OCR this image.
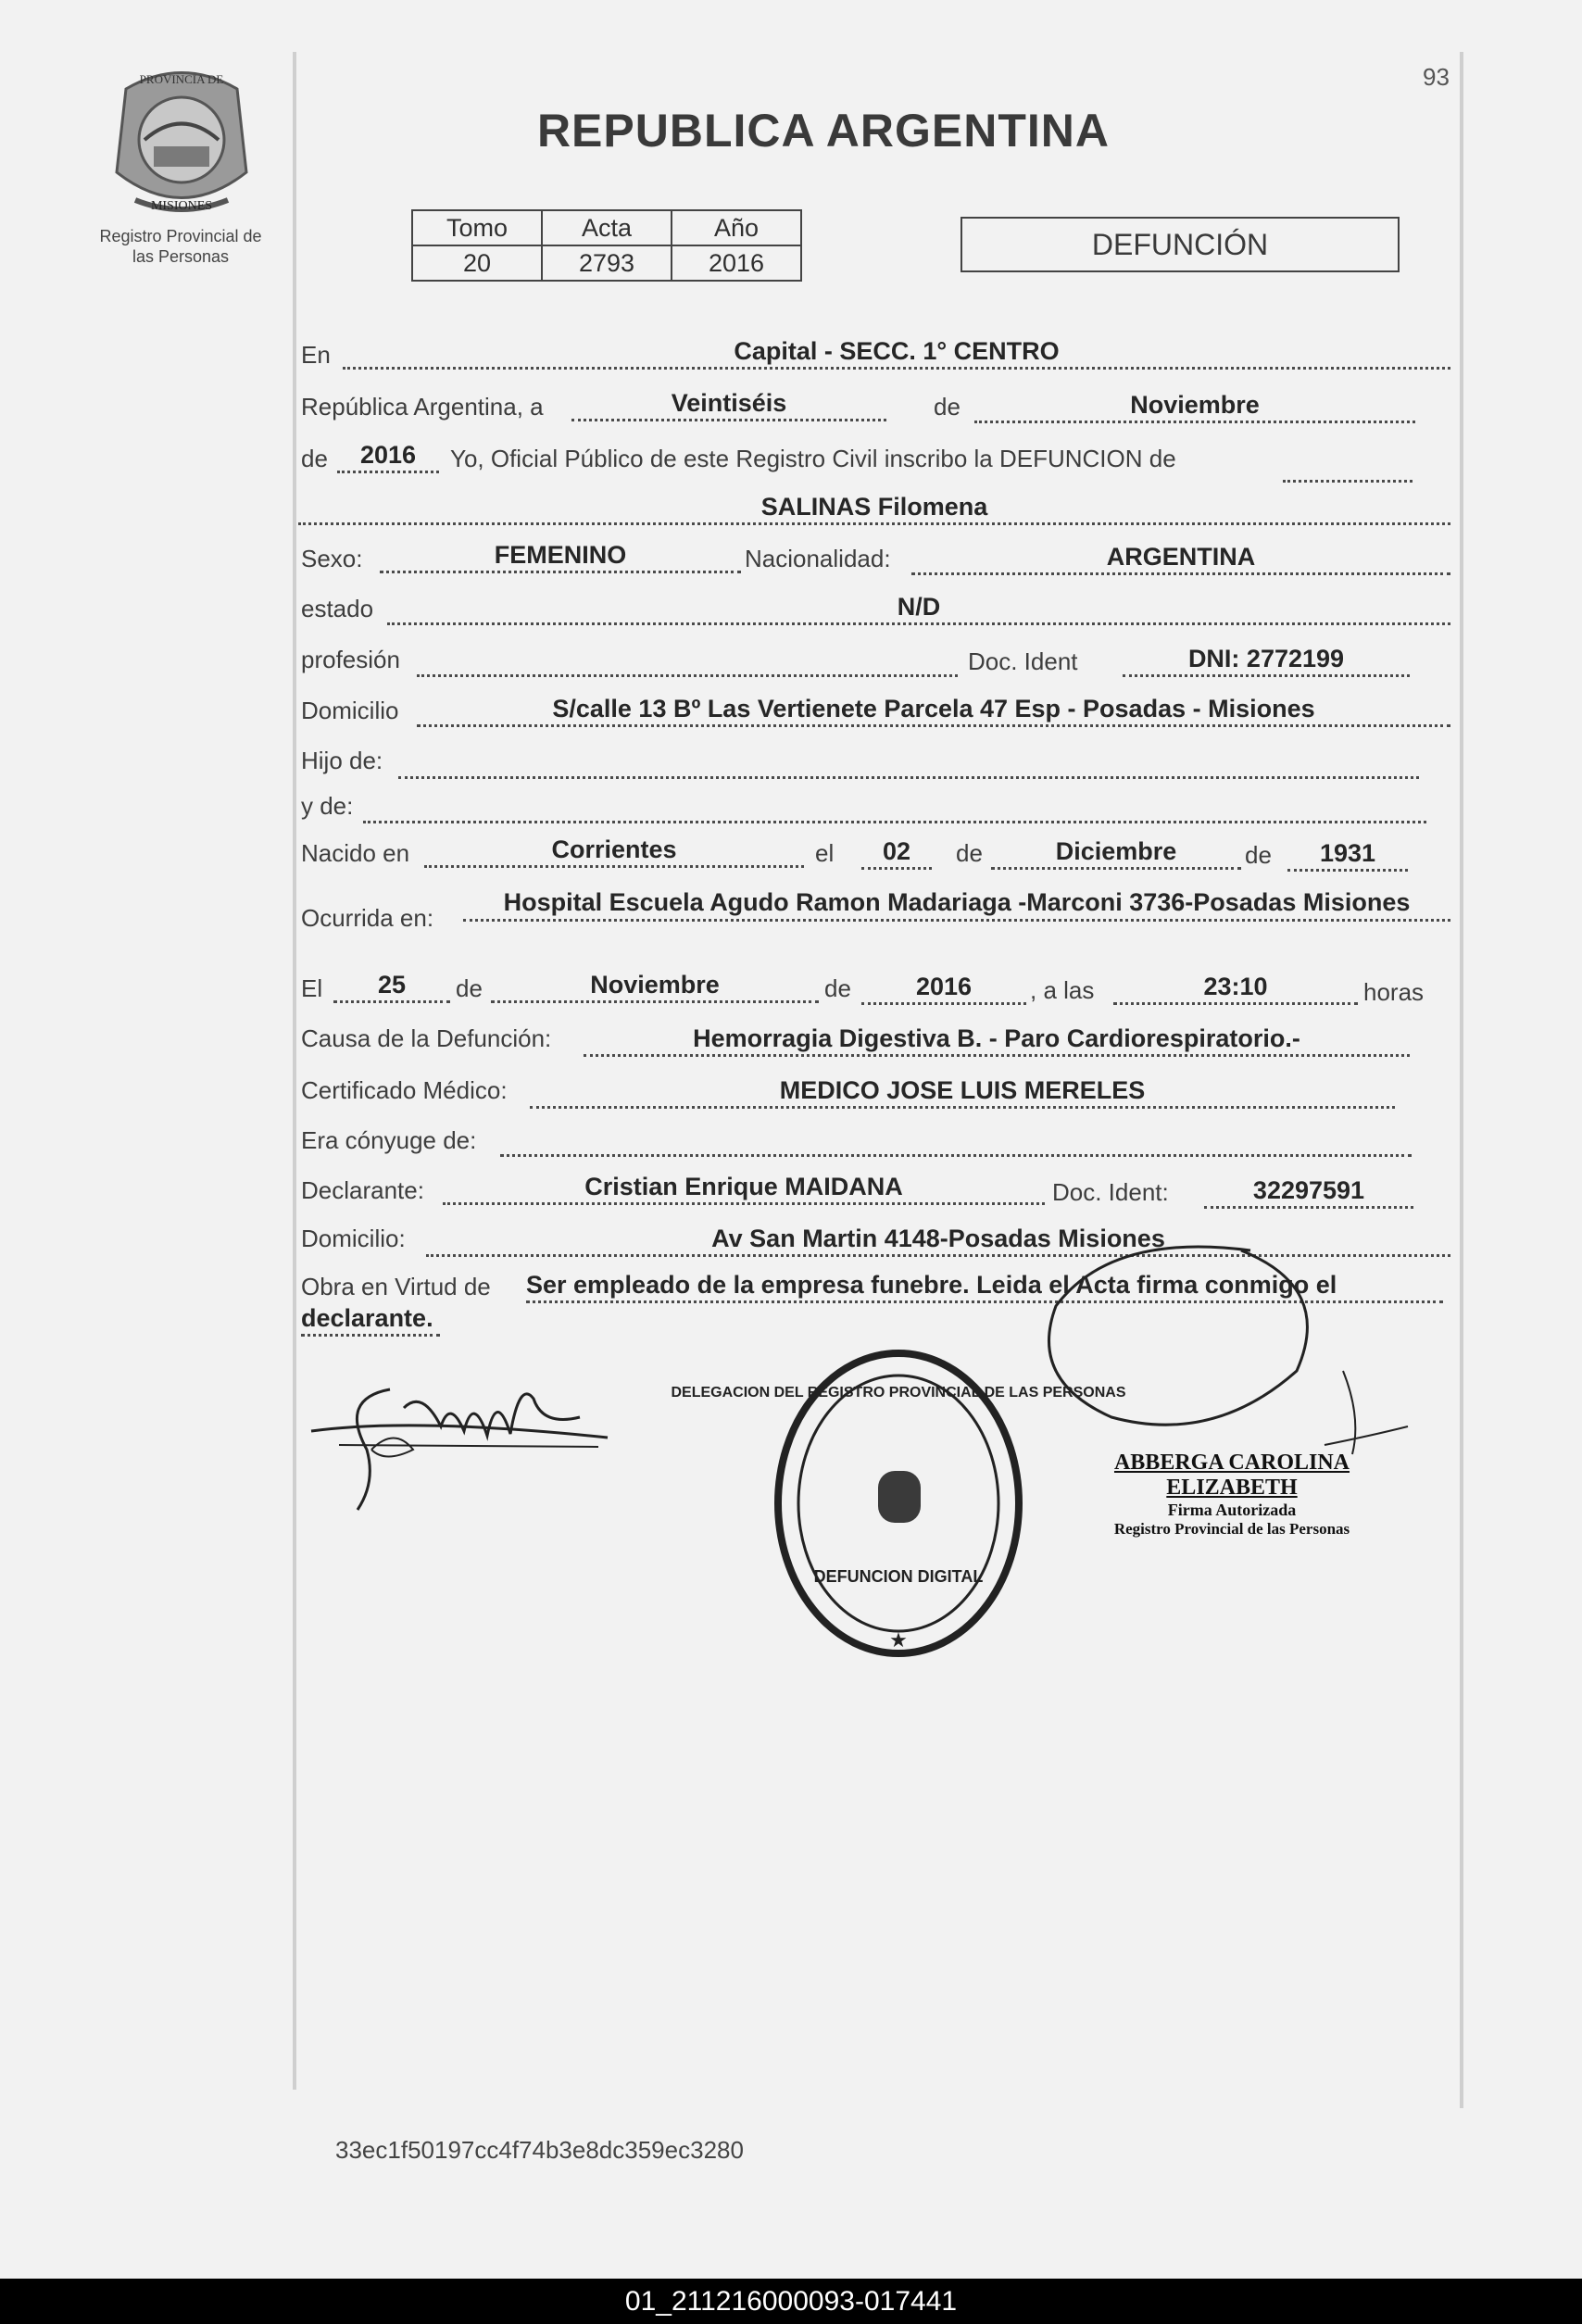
93
PROVINCIA DE
MISIONES
Registro Provincial de
las Personas
REPUBLICA ARGENTINA
Tomo	Acta	Año
20	2793	2016
DEFUNCIÓN
En	Capital - SECC. 1° CENTRO
República Argentina, a	Veintiséis	de	Noviembre
de	2016	Yo, Oficial Público de este Registro Civil inscribo la DEFUNCION de
SALINAS Filomena
Sexo:	FEMENINO	Nacionalidad:	ARGENTINA
estado	N/D
profesión	Doc. Ident	DNI: 2772199
Domicilio	S/calle 13 Bº Las Vertienete Parcela 47 Esp - Posadas - Misiones
Hijo de:
y de:
Nacido en	Corrientes	el	02	de	Diciembre	de	1931
Ocurrida en:
Hospital Escuela Agudo Ramon Madariaga -Marconi 3736-Posadas Misiones
El	25	de	Noviembre	de	2016	, a las	23:10	horas
Causa de la Defunción:	Hemorragia Digestiva B. - Paro Cardiorespiratorio.-
Certificado Médico:	MEDICO JOSE LUIS MERELES
Era cónyuge de:
Declarante:	Cristian Enrique MAIDANA	Doc. Ident:	32297591
Domicilio:	Av San Martin 4148-Posadas Misiones
Obra en Virtud de Ser empleado de la empresa funebre. Leida el Acta firma conmigo el
declarante.
DELEGACION DEL REGISTRO PROVINCIAL DE LAS PERSONAS
DEFUNCION DIGITAL
★
ABBERGA CAROLINA ELIZABETH
Firma Autorizada
Registro Provincial de las Personas
33ec1f50197cc4f74b3e8dc359ec3280
01_211216000093-017441
